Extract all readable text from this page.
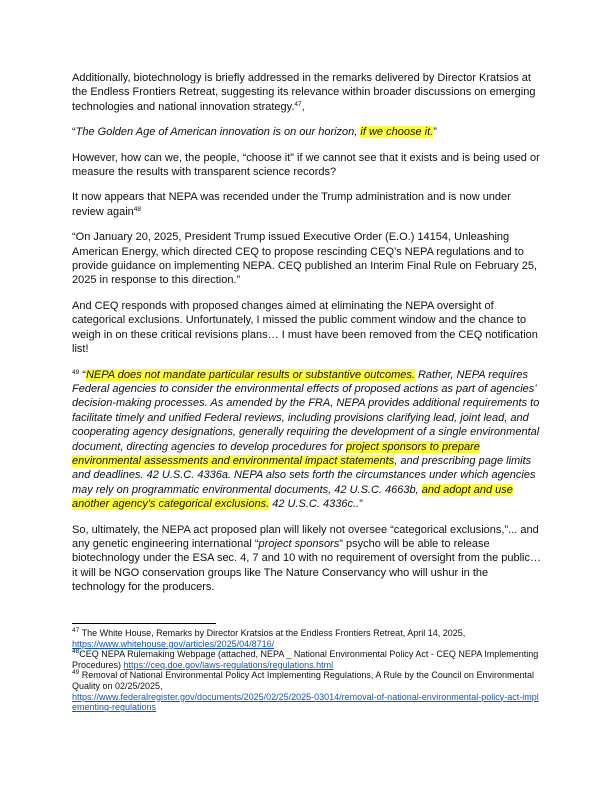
Additionally, biotechnology is briefly addressed in the remarks delivered by Director Kratsios at the Endless Frontiers Retreat, suggesting its relevance within broader discussions on emerging technologies and national innovation strategy.$^{47}$,

“The Golden Age of American innovation is on our horizon, if we choose it.”

However, how can we, the people, “choose it” if we cannot see that it exists and is being used or measure the results with transparent science records?

It now appears that NEPA was recended under the Trump administration and is now under review again$^{48}$

“On January 20, 2025, President Trump issued Executive Order (E.O.) 14154, Unleashing American Energy, which directed CEQ to propose rescinding CEQ’s NEPA regulations and to provide guidance on implementing NEPA. CEQ published an Interim Final Rule on February 25, 2025 in response to this direction.”

And CEQ responds with proposed changes aimed at eliminating the NEPA oversight of categorical exclusions. Unfortunately, I missed the public comment window and the chance to weigh in on these critical revisions plans… I must have been removed from the CEQ notification list!

$^{49}$ “NEPA does not mandate particular results or substantive outcomes. Rather, NEPA requires Federal agencies to consider the environmental effects of proposed actions as part of agencies’ decision-making processes. As amended by the FRA, NEPA provides additional requirements to facilitate timely and unified Federal reviews, including provisions clarifying lead, joint lead, and cooperating agency designations, generally requiring the development of a single environmental document, directing agencies to develop procedures for project sponsors to prepare environmental assessments and environmental impact statements, and prescribing page limits and deadlines. 42 U.S.C. 4336a. NEPA also sets forth the circumstances under which agencies may rely on programmatic environmental documents, 42 U.S.C. 4663b, and adopt and use another agency's categorical exclusions. 42 U.S.C. 4336c..”

So, ultimately, the NEPA act proposed plan will likely not oversee “categorical exclusions,”... and any genetic engineering international “project sponsors” psycho will be able to release biotechnology under the ESA sec. 4, 7 and 10 with no requirement of oversight from the public… it will be NGO conservation groups like The Nature Conservancy who will ushur in the technology for the producers.

$^{47}$ The White House, Remarks by Director Kratsios at the Endless Frontiers Retreat, April 14, 2025,
https://www.whitehouse.gov/articles/2025/04/8716/
$^{48}$CEQ NEPA Rulemaking Webpage (attached, NEPA _ National Environmental Policy Act - CEQ NEPA Implementing Procedures) https://ceq.doe.gov/laws-regulations/regulations.html
$^{49}$ Removal of National Environmental Policy Act Implementing Regulations, A Rule by the Council on Environmental Quality on 02/25/2025,
https://www.federalregister.gov/documents/2025/02/25/2025-03014/removal-of-national-environmental-policy-act-implementing-regulations
